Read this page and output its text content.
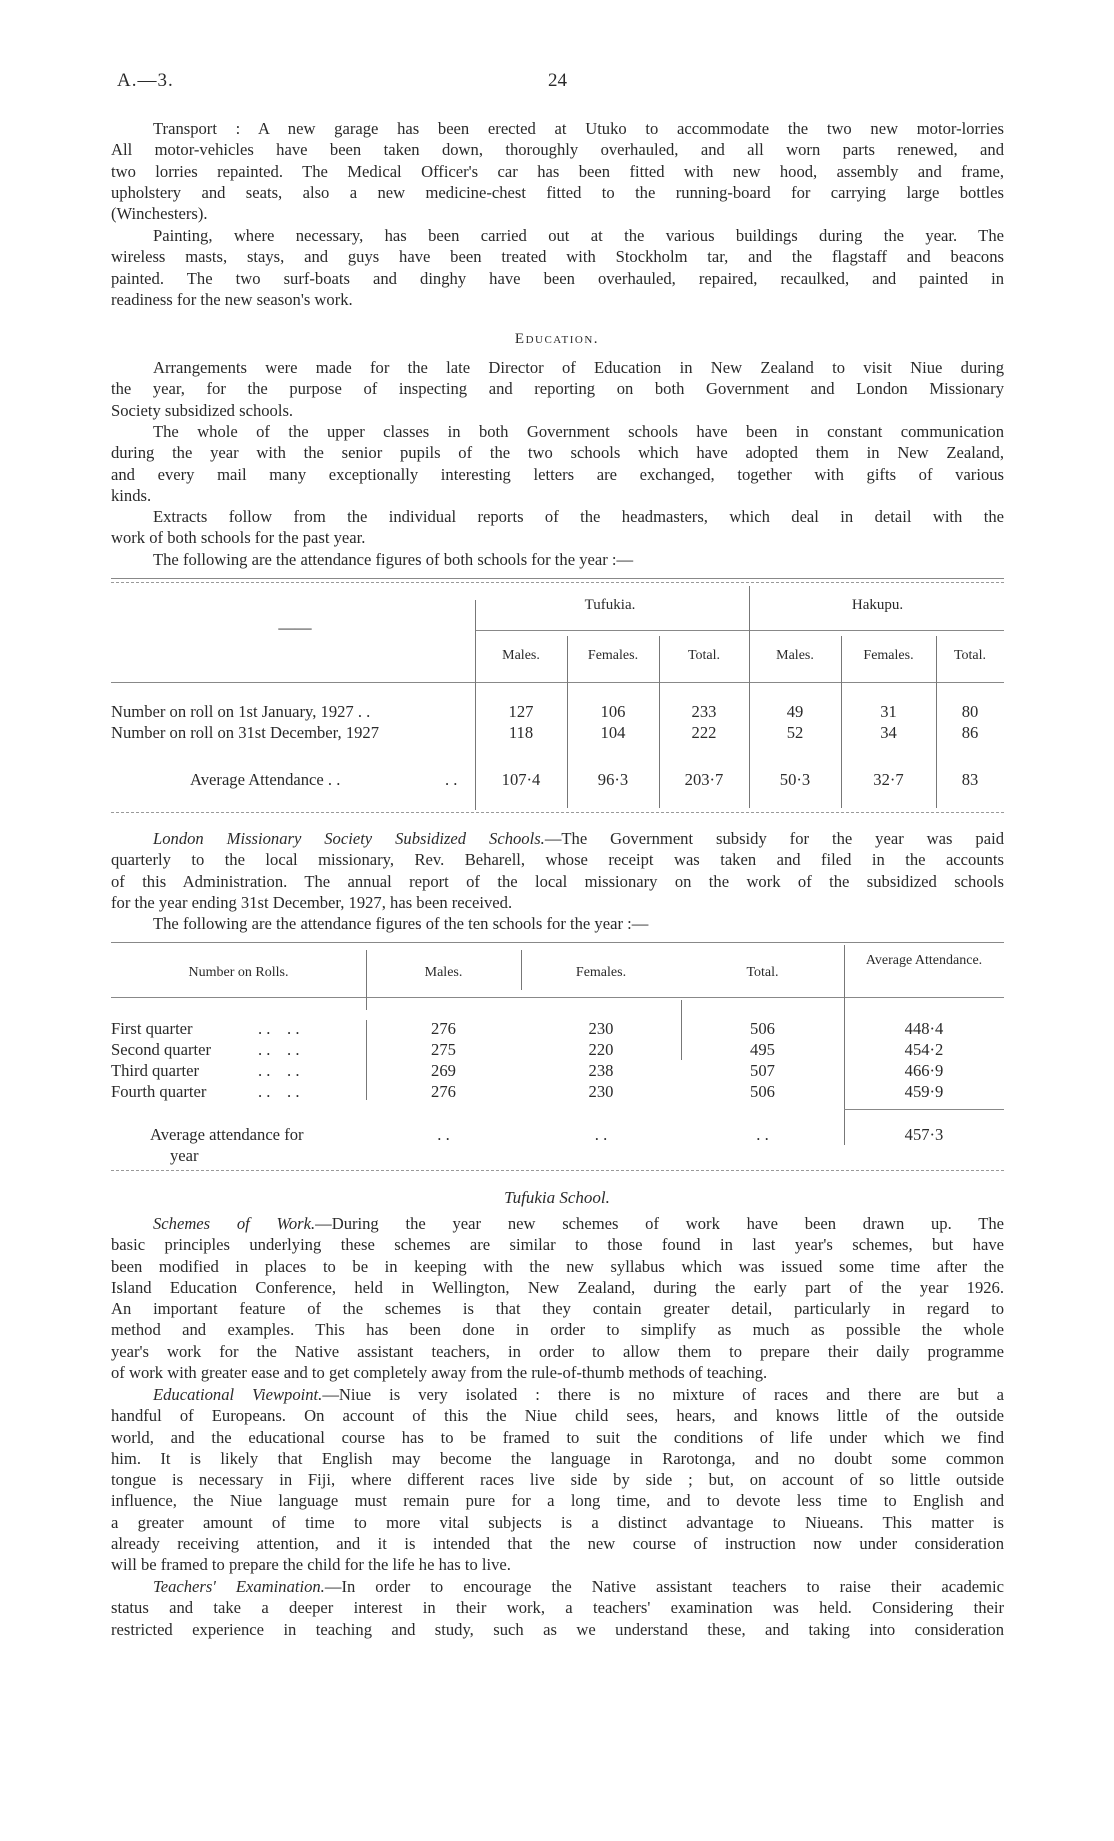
A.—3.	24
Transport : A new garage has been erected at Utuko to accommodate the two new motor-lorries
All motor-vehicles have been taken down, thoroughly overhauled, and all worn parts renewed, and
two lorries repainted. The Medical Officer's car has been fitted with new hood, assembly and frame,
upholstery and seats, also a new medicine-chest fitted to the running-board for carrying large bottles
(Winchesters).
Painting, where necessary, has been carried out at the various buildings during the year. The
wireless masts, stays, and guys have been treated with Stockholm tar, and the flagstaff and beacons
painted. The two surf-boats and dinghy have been overhauled, repaired, recaulked, and painted in
readiness for the new season's work.
Education.
Arrangements were made for the late Director of Education in New Zealand to visit Niue during
the year, for the purpose of inspecting and reporting on both Government and London Missionary
Society subsidized schools.
The whole of the upper classes in both Government schools have been in constant communication
during the year with the senior pupils of the two schools which have adopted them in New Zealand,
and every mail many exceptionally interesting letters are exchanged, together with gifts of various
kinds.
Extracts follow from the individual reports of the headmasters, which deal in detail with the
work of both schools for the past year.
The following are the attendance figures of both schools for the year :—
——
Tufukia.	Hakupu.
Males.	Females.	Total.	Males.	Females.	Total.
Number on roll on 1st January, 1927 . .	127	106	233	49	31	80
Number on roll on 31st December, 1927	118	104	222	52	34	86
Average Attendance . .	. .	107·4	96·3	203·7	50·3	32·7	83
London Missionary Society Subsidized Schools.—The Government subsidy for the year was paid
quarterly to the local missionary, Rev. Beharell, whose receipt was taken and filed in the accounts
of this Administration. The annual report of the local missionary on the work of the subsidized schools
for the year ending 31st December, 1927, has been received.
The following are the attendance figures of the ten schools for the year :—
Number on Rolls.	Males.	Females.	Total.
Average Attendance.
First quarter	. .    . .	276	230	506	448·4
Second quarter	. .    . .	275	220	495	454·2
Third quarter	. .    . .	269	238	507	466·9
Fourth quarter	. .    . .	276	230	506	459·9
Average attendance for
year
. .	. .	. .	457·3
Tufukia School.
Schemes of Work.—During the year new schemes of work have been drawn up. The
basic principles underlying these schemes are similar to those found in last year's schemes, but have
been modified in places to be in keeping with the new syllabus which was issued some time after the
Island Education Conference, held in Wellington, New Zealand, during the early part of the year 1926.
An important feature of the schemes is that they contain greater detail, particularly in regard to
method and examples. This has been done in order to simplify as much as possible the whole
year's work for the Native assistant teachers, in order to allow them to prepare their daily programme
of work with greater ease and to get completely away from the rule-of-thumb methods of teaching.
Educational Viewpoint.—Niue is very isolated : there is no mixture of races and there are but a
handful of Europeans. On account of this the Niue child sees, hears, and knows little of the outside
world, and the educational course has to be framed to suit the conditions of life under which we find
him. It is likely that English may become the language in Rarotonga, and no doubt some common
tongue is necessary in Fiji, where different races live side by side ; but, on account of so little outside
influence, the Niue language must remain pure for a long time, and to devote less time to English and
a greater amount of time to more vital subjects is a distinct advantage to Niueans. This matter is
already receiving attention, and it is intended that the new course of instruction now under consideration
will be framed to prepare the child for the life he has to live.
Teachers' Examination.—In order to encourage the Native assistant teachers to raise their academic
status and take a deeper interest in their work, a teachers' examination was held. Considering their
restricted experience in teaching and study, such as we understand these, and taking into consideration
